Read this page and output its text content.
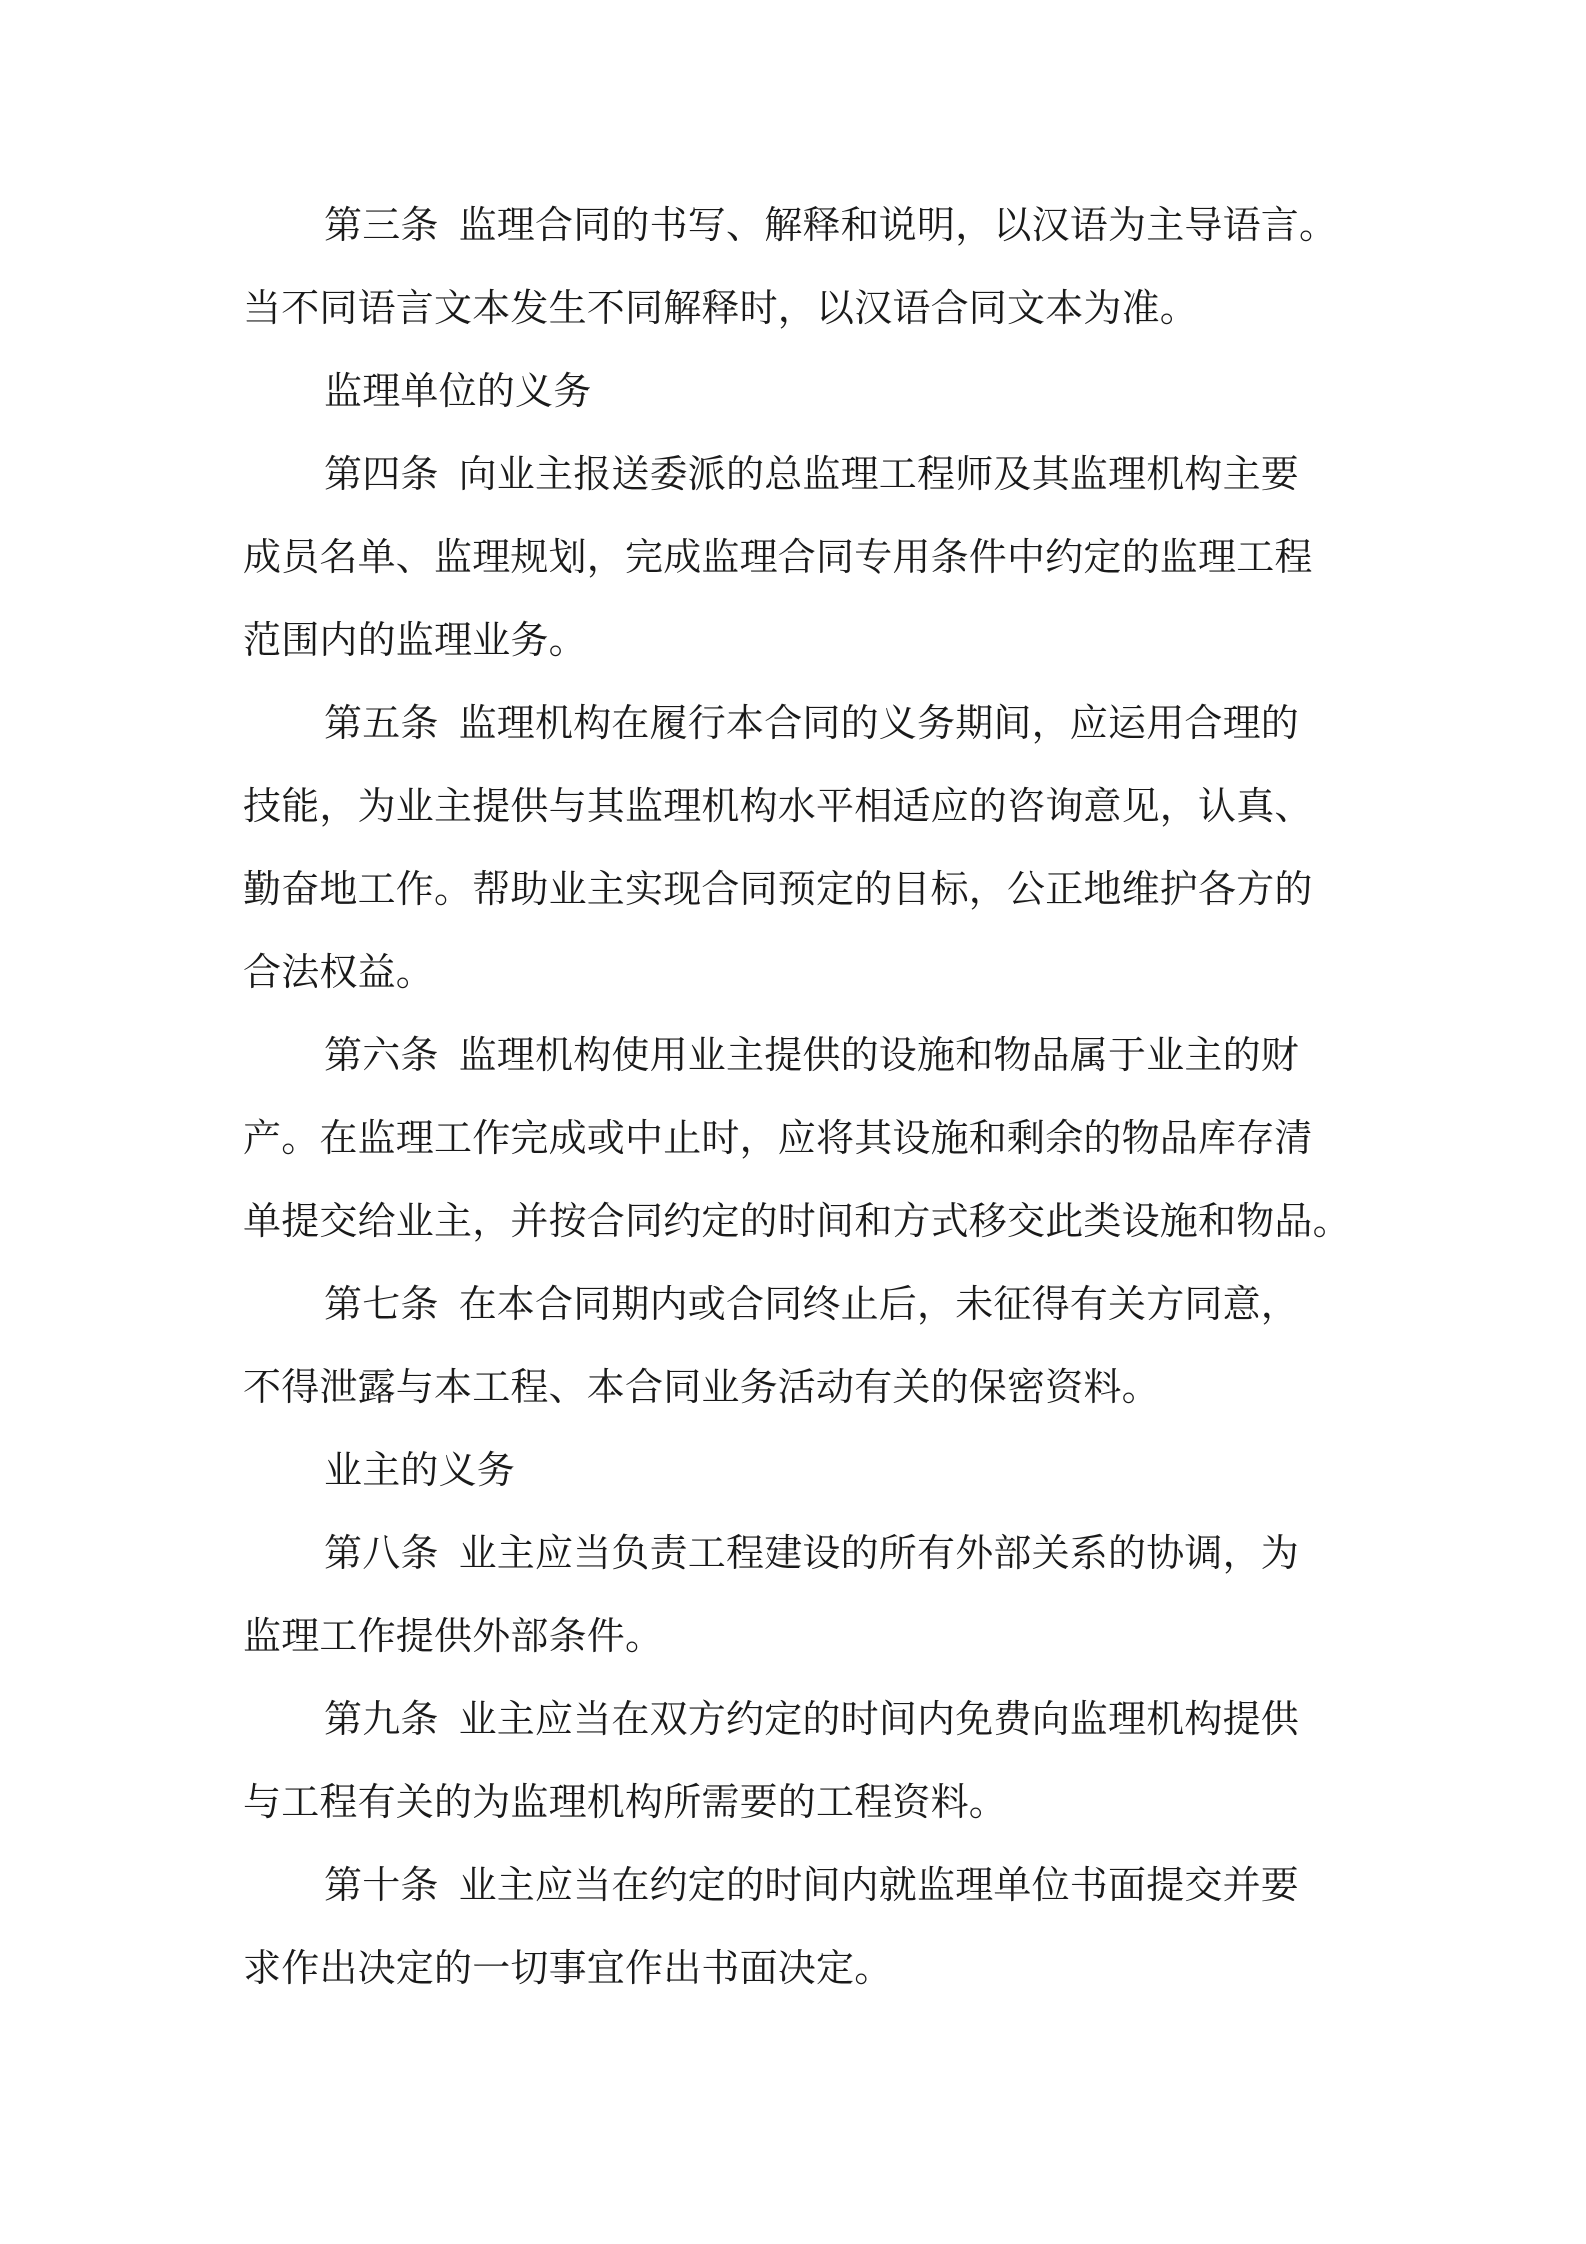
第三条 监理合同的书写、解释和说明，以汉语为主导语言。
当不同语言文本发生不同解释时，以汉语合同文本为准。
监理单位的义务
第四条 向业主报送委派的总监理工程师及其监理机构主要
成员名单、监理规划，完成监理合同专用条件中约定的监理工程
范围内的监理业务。
第五条 监理机构在履行本合同的义务期间，应运用合理的
技能，为业主提供与其监理机构水平相适应的咨询意见，认真、
勤奋地工作。帮助业主实现合同预定的目标，公正地维护各方的
合法权益。
第六条 监理机构使用业主提供的设施和物品属于业主的财
产。在监理工作完成或中止时，应将其设施和剩余的物品库存清
单提交给业主，并按合同约定的时间和方式移交此类设施和物品。
第七条 在本合同期内或合同终止后，未征得有关方同意，
不得泄露与本工程、本合同业务活动有关的保密资料。
业主的义务
第八条 业主应当负责工程建设的所有外部关系的协调，为
监理工作提供外部条件。
第九条 业主应当在双方约定的时间内免费向监理机构提供
与工程有关的为监理机构所需要的工程资料。
第十条 业主应当在约定的时间内就监理单位书面提交并要
求作出决定的一切事宜作出书面决定。
